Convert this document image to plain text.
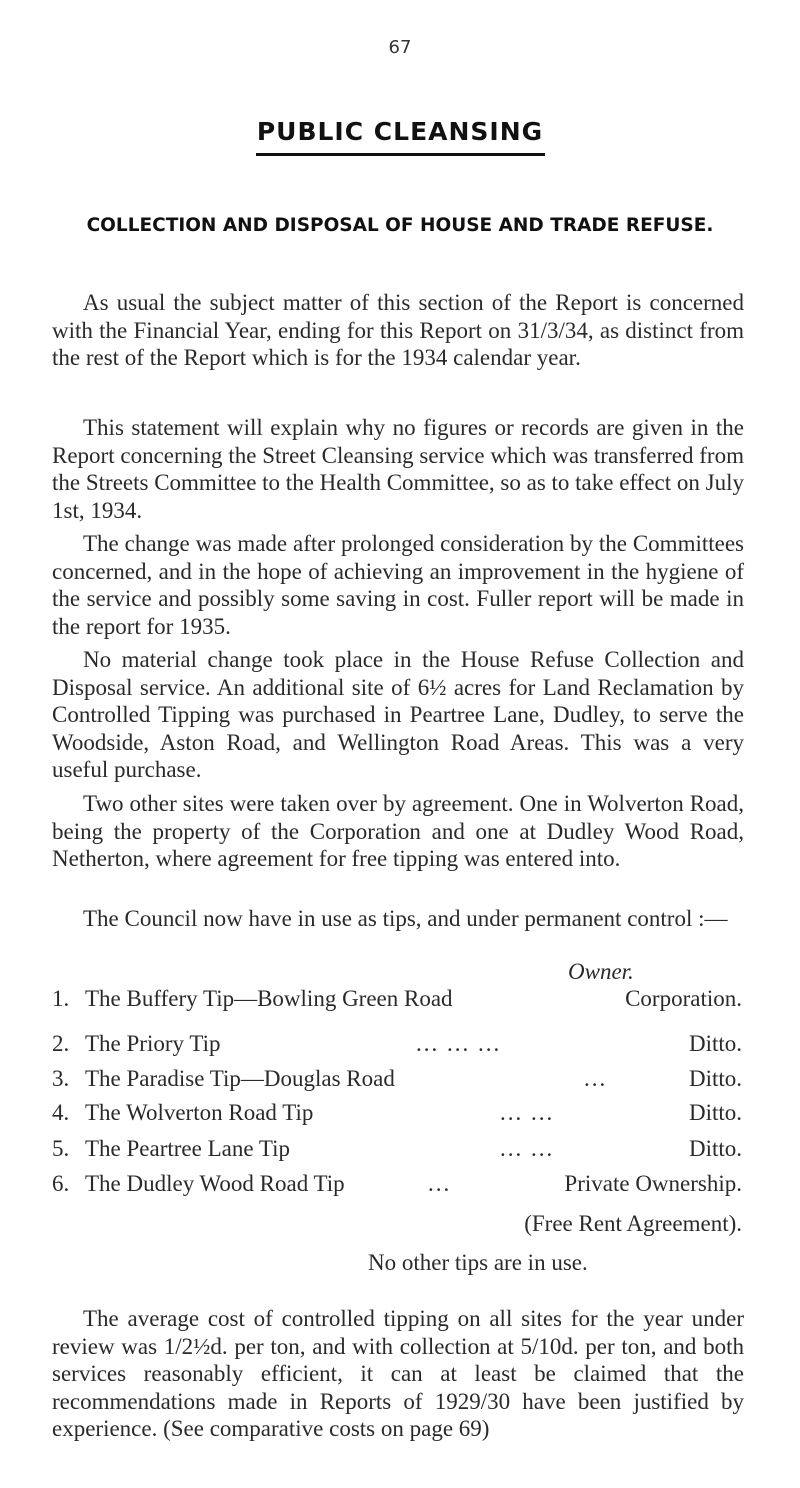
67
PUBLIC CLEANSING
COLLECTION AND DISPOSAL OF HOUSE AND TRADE REFUSE.

As usual the subject matter of this section of the Report is concerned with the Financial Year, ending for this Report on 31/3/34, as distinct from the rest of the Report which is for the 1934 calendar year.

This statement will explain why no figures or records are given in the Report concerning the Street Cleansing service which was transferred from the Streets Committee to the Health Committee, so as to take effect on July 1st, 1934.

The change was made after prolonged consideration by the Committees concerned, and in the hope of achieving an improvement in the hygiene of the service and possibly some saving in cost. Fuller report will be made in the report for 1935.

No material change took place in the House Refuse Collection and Disposal service. An additional site of 6½ acres for Land Reclamation by Controlled Tipping was purchased in Peartree Lane, Dudley, to serve the Woodside, Aston Road, and Wellington Road Areas. This was a very useful purchase.

Two other sites were taken over by agreement. One in Wolverton Road, being the property of the Corporation and one at Dudley Wood Road, Netherton, where agreement for free tipping was entered into.

The Council now have in use as tips, and under permanent control :—

Owner.
1. The Buffery Tip—Bowling Green Road	Corporation.
2. The Priory Tip	... ... ...	Ditto.
3. The Paradise Tip—Douglas Road	...	Ditto.
4. The Wolverton Road Tip	... ...	Ditto.
5. The Peartree Lane Tip	... ...	Ditto.
6. The Dudley Wood Road Tip	...	Private Ownership.
(Free Rent Agreement).
No other tips are in use.

The average cost of controlled tipping on all sites for the year under review was 1/2½d. per ton, and with collection at 5/10d. per ton, and both services reasonably efficient, it can at least be claimed that the recommendations made in Reports of 1929/30 have been justified by experience. (See comparative costs on page 69)
